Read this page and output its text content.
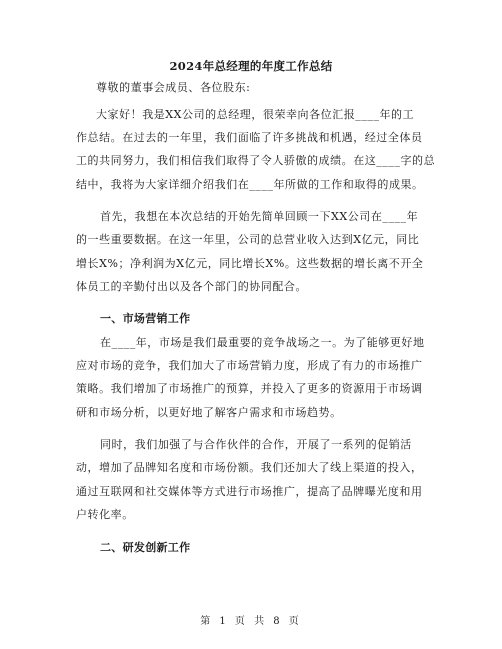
2024年总经理的年度工作总结
尊敬的董事会成员、各位股东:
大家好！我是XX公司的总经理，很荣幸向各位汇报____年的工
作总结。在过去的一年里，我们面临了许多挑战和机遇，经过全体员
工的共同努力，我们相信我们取得了令人骄傲的成绩。在这____字的总
结中，我将为大家详细介绍我们在____年所做的工作和取得的成果。
首先，我想在本次总结的开始先简单回顾一下XX公司在____年
的一些重要数据。在这一年里，公司的总营业收入达到X亿元，同比
增长X%；净利润为X亿元，同比增长X%。这些数据的增长离不开全
体员工的辛勤付出以及各个部门的协同配合。
一、市场营销工作
在____年，市场是我们最重要的竞争战场之一。为了能够更好地
应对市场的竞争，我们加大了市场营销力度，形成了有力的市场推广
策略。我们增加了市场推广的预算，并投入了更多的资源用于市场调
研和市场分析，以更好地了解客户需求和市场趋势。
同时，我们加强了与合作伙伴的合作，开展了一系列的促销活
动，增加了品牌知名度和市场份额。我们还加大了线上渠道的投入，
通过互联网和社交媒体等方式进行市场推广，提高了品牌曝光度和用
户转化率。
二、研发创新工作
第 1 页 共 8 页
